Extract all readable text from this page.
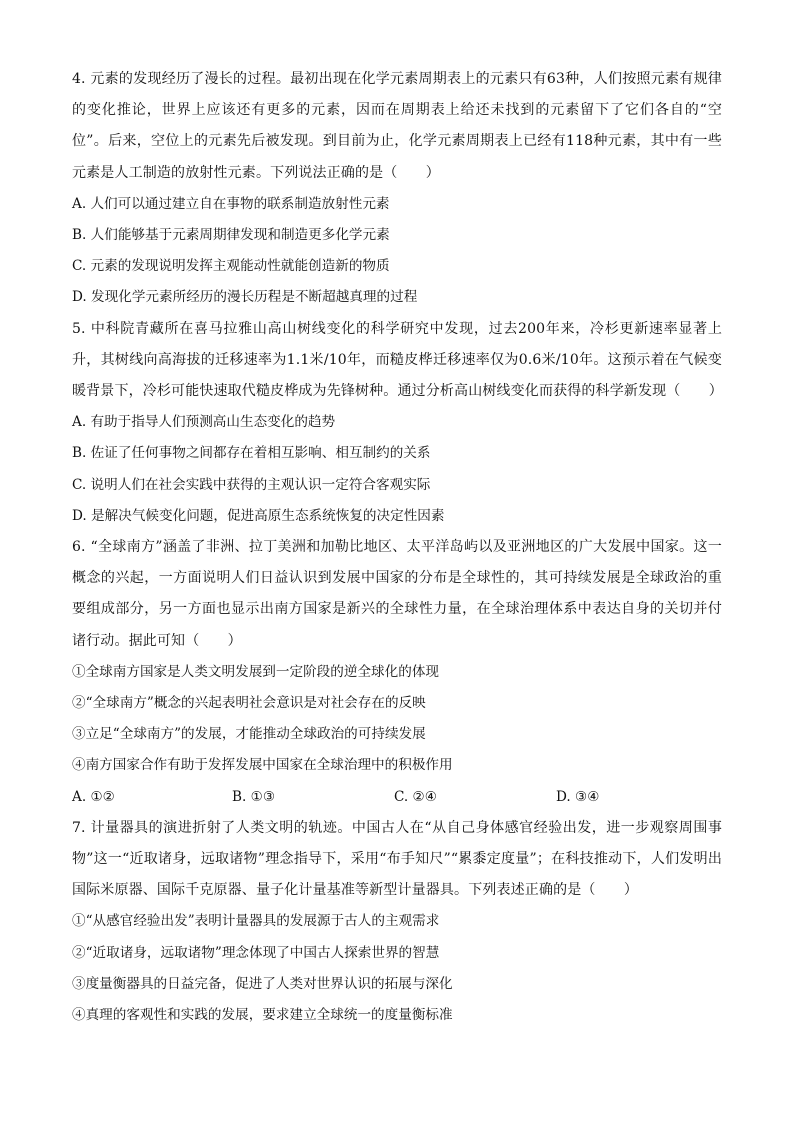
4. 元素的发现经历了漫长的过程。最初出现在化学元素周期表上的元素只有63种，人们按照元素有规律的变化推论，世界上应该还有更多的元素，因而在周期表上给还未找到的元素留下了它们各自的“空位”。后来，空位上的元素先后被发现。到目前为止，化学元素周期表上已经有118种元素，其中有一些元素是人工制造的放射性元素。下列说法正确的是（　　）

A. 人们可以通过建立自在事物的联系制造放射性元素

B. 人们能够基于元素周期律发现和制造更多化学元素

C. 元素的发现说明发挥主观能动性就能创造新的物质

D. 发现化学元素所经历的漫长历程是不断超越真理的过程

5. 中科院青藏所在喜马拉雅山高山树线变化的科学研究中发现，过去200年来，冷杉更新速率显著上升，其树线向高海拔的迁移速率为1.1米/10年，而糙皮桦迁移速率仅为0.6米/10年。这预示着在气候变暖背景下，冷杉可能快速取代糙皮桦成为先锋树种。通过分析高山树线变化而获得的科学新发现（　　）

A. 有助于指导人们预测高山生态变化的趋势

B. 佐证了任何事物之间都存在着相互影响、相互制约的关系

C. 说明人们在社会实践中获得的主观认识一定符合客观实际

D. 是解决气候变化问题，促进高原生态系统恢复的决定性因素

6. “全球南方”涵盖了非洲、拉丁美洲和加勒比地区、太平洋岛屿以及亚洲地区的广大发展中国家。这一概念的兴起，一方面说明人们日益认识到发展中国家的分布是全球性的，其可持续发展是全球政治的重要组成部分，另一方面也显示出南方国家是新兴的全球性力量，在全球治理体系中表达自身的关切并付诸行动。据此可知（　　）

①全球南方国家是人类文明发展到一定阶段的逆全球化的体现

②“全球南方”概念的兴起表明社会意识是对社会存在的反映

③立足“全球南方”的发展，才能推动全球政治的可持续发展

④南方国家合作有助于发挥发展中国家在全球治理中的积极作用

A. ①②	B. ①③	C. ②④	D. ③④

7. 计量器具的演进折射了人类文明的轨迹。中国古人在“从自己身体感官经验出发，进一步观察周围事物”这一“近取诸身，远取诸物”理念指导下，采用“布手知尺”“累黍定度量”；在科技推动下，人们发明出国际米原器、国际千克原器、量子化计量基准等新型计量器具。下列表述正确的是（　　）

①“从感官经验出发”表明计量器具的发展源于古人的主观需求

②“近取诸身，远取诸物”理念体现了中国古人探索世界的智慧

③度量衡器具的日益完备，促进了人类对世界认识的拓展与深化

④真理的客观性和实践的发展，要求建立全球统一的度量衡标准
